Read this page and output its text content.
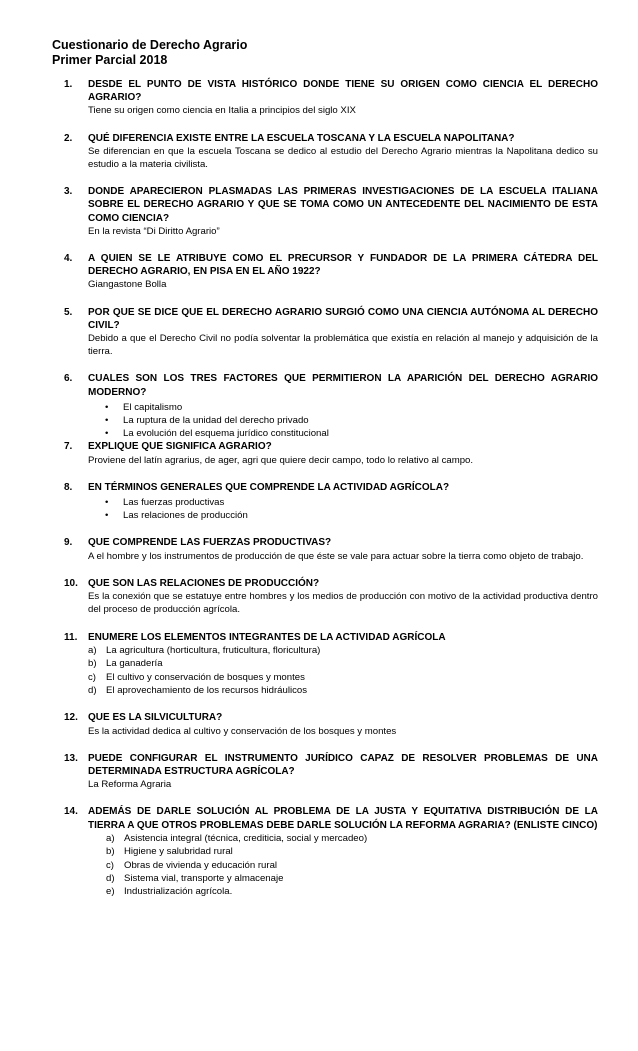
Cuestionario de Derecho Agrario
Primer Parcial 2018
1. DESDE EL PUNTO DE VISTA HISTÓRICO DONDE TIENE SU ORIGEN COMO CIENCIA EL DERECHO AGRARIO?
Tiene su origen como ciencia en Italia a principios del siglo XIX
2. QUÉ DIFERENCIA EXISTE ENTRE LA ESCUELA TOSCANA Y LA ESCUELA NAPOLITANA?
Se diferencian en que la escuela Toscana se dedico al estudio del Derecho Agrario mientras la Napolitana dedico su estudio a la materia civilista.
3. DONDE APARECIERON PLASMADAS LAS PRIMERAS INVESTIGACIONES DE LA ESCUELA ITALIANA SOBRE EL DERECHO AGRARIO Y QUE SE TOMA COMO UN ANTECEDENTE DEL NACIMIENTO DE ESTA COMO CIENCIA?
En la revista “Di Diritto Agrario”
4. A QUIEN SE LE ATRIBUYE COMO EL PRECURSOR Y FUNDADOR DE LA PRIMERA CÁTEDRA DEL DERECHO AGRARIO, EN PISA EN EL AÑO 1922?
Giangastone Bolla
5. POR QUE SE DICE QUE EL DERECHO AGRARIO SURGIÓ COMO UNA CIENCIA AUTÓNOMA AL DERECHO CIVIL?
Debido a que el Derecho Civil no podía solventar la problemática que existía en relación al manejo y adquisición de la tierra.
6. CUALES SON LOS TRES FACTORES QUE PERMITIERON LA APARICIÓN DEL DERECHO AGRARIO MODERNO?
• El capitalismo
• La ruptura de la unidad del derecho privado
• La evolución del esquema jurídico constitucional
7. EXPLIQUE QUE SIGNIFICA AGRARIO?
Proviene del latín agrarius, de ager, agri que quiere decir campo, todo lo relativo al campo.
8. EN TÉRMINOS GENERALES QUE COMPRENDE LA ACTIVIDAD AGRÍCOLA?
• Las fuerzas productivas
• Las relaciones de producción
9. QUE COMPRENDE LAS FUERZAS PRODUCTIVAS?
A el hombre y los instrumentos de producción de que éste se vale para actuar sobre la tierra como objeto de trabajo.
10. QUE SON LAS RELACIONES DE PRODUCCIÓN?
Es la conexión que se estatuye entre hombres y los medios de producción con motivo de la actividad productiva dentro del proceso de producción agrícola.
11. ENUMERE LOS ELEMENTOS INTEGRANTES DE LA ACTIVIDAD AGRÍCOLA
a) La agricultura (horticultura, fruticultura, floricultura)
b) La ganadería
c) El cultivo y conservación de bosques y montes
d) El aprovechamiento de los recursos hidráulicos
12. QUE ES LA SILVICULTURA?
Es la actividad dedica al cultivo y conservación de los bosques y montes
13. PUEDE CONFIGURAR EL INSTRUMENTO JURÍDICO CAPAZ DE RESOLVER PROBLEMAS DE UNA DETERMINADA ESTRUCTURA AGRÍCOLA?
La Reforma Agraria
14. ADEMÁS DE DARLE SOLUCIÓN AL PROBLEMA DE LA JUSTA Y EQUITATIVA DISTRIBUCIÓN DE LA TIERRA A QUE OTROS PROBLEMAS DEBE DARLE SOLUCIÓN LA REFORMA AGRARIA? (ENLISTE CINCO)
a) Asistencia integral (técnica, crediticia, social y mercadeo)
b) Higiene y salubridad rural
c) Obras de vivienda y educación rural
d) Sistema vial, transporte y almacenaje
e) Industrialización agrícola.
